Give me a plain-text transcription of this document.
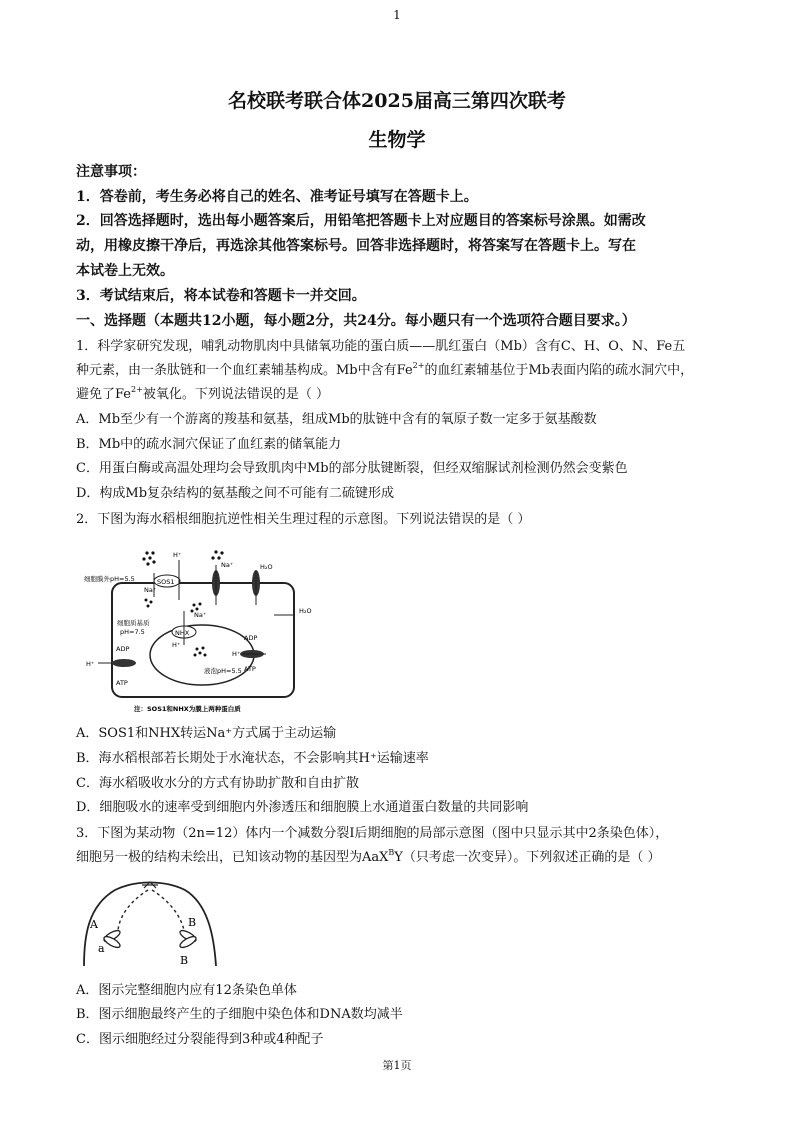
1
名校联考联合体2025届高三第四次联考
生物学
注意事项：
1．答卷前，考生务必将自己的姓名、准考证号填写在答题卡上。
2．回答选择题时，选出每小题答案后，用铅笔把答题卡上对应题目的答案标号涂黑。如需改
动，用橡皮擦干净后，再选涂其他答案标号。回答非选择题时，将答案写在答题卡上。写在
本试卷上无效。
3．考试结束后，将本试卷和答题卡一并交回。
一、选择题（本题共12小题，每小题2分，共24分。每小题只有一个选项符合题目要求。）
1．科学家研究发现，哺乳动物肌肉中具储氧功能的蛋白质——肌红蛋白（Mb）含有C、H、O、N、Fe五
种元素，由一条肽链和一个血红素辅基构成。Mb中含有$Fe^{2+}$的血红素辅基位于Mb表面内陷的疏水洞穴中，
避免了$Fe^{2+}$被氧化。下列说法错误的是（ ）
A．Mb至少有一个游离的羧基和氨基，组成Mb的肽链中含有的氧原子数一定多于氨基酸数
B．Mb中的疏水洞穴保证了血红素的储氧能力
C．用蛋白酶或高温处理均会导致肌肉中Mb的部分肽键断裂，但经双缩脲试剂检测仍然会变紫色
D．构成Mb复杂结构的氨基酸之间不可能有二硫键形成
2．下图为海水稻根细胞抗逆性相关生理过程的示意图。下列说法错误的是（ ）
细胞膜外pH=5.5
细胞质基质
pH=7.5
液泡pH=5.5
SOS1
NHX
H⁺
Na⁺
Na⁺
Na⁺
H⁺
H⁺
H⁺
H₂O
H₂O
ADP
ATP
ADP
ATP
注：SOS1和NHX为膜上两种蛋白质
A．SOS1和NHX转运Na⁺方式属于主动运输
B．海水稻根部若长期处于水淹状态，不会影响其H⁺运输速率
C．海水稻吸收水分的方式有协助扩散和自由扩散
D．细胞吸水的速率受到细胞内外渗透压和细胞膜上水通道蛋白数量的共同影响
3．下图为某动物（2n=12）体内一个减数分裂Ⅰ后期细胞的局部示意图（图中只显示其中2条染色体），
细胞另一极的结构未绘出，已知该动物的基因型为AaX$^B$Y（只考虑一次变异）。下列叙述正确的是（ ）
A
a
B
B
A．图示完整细胞内应有12条染色单体
B．图示细胞最终产生的子细胞中染色体和DNA数均减半
C．图示细胞经过分裂能得到3种或4种配子
第1页
